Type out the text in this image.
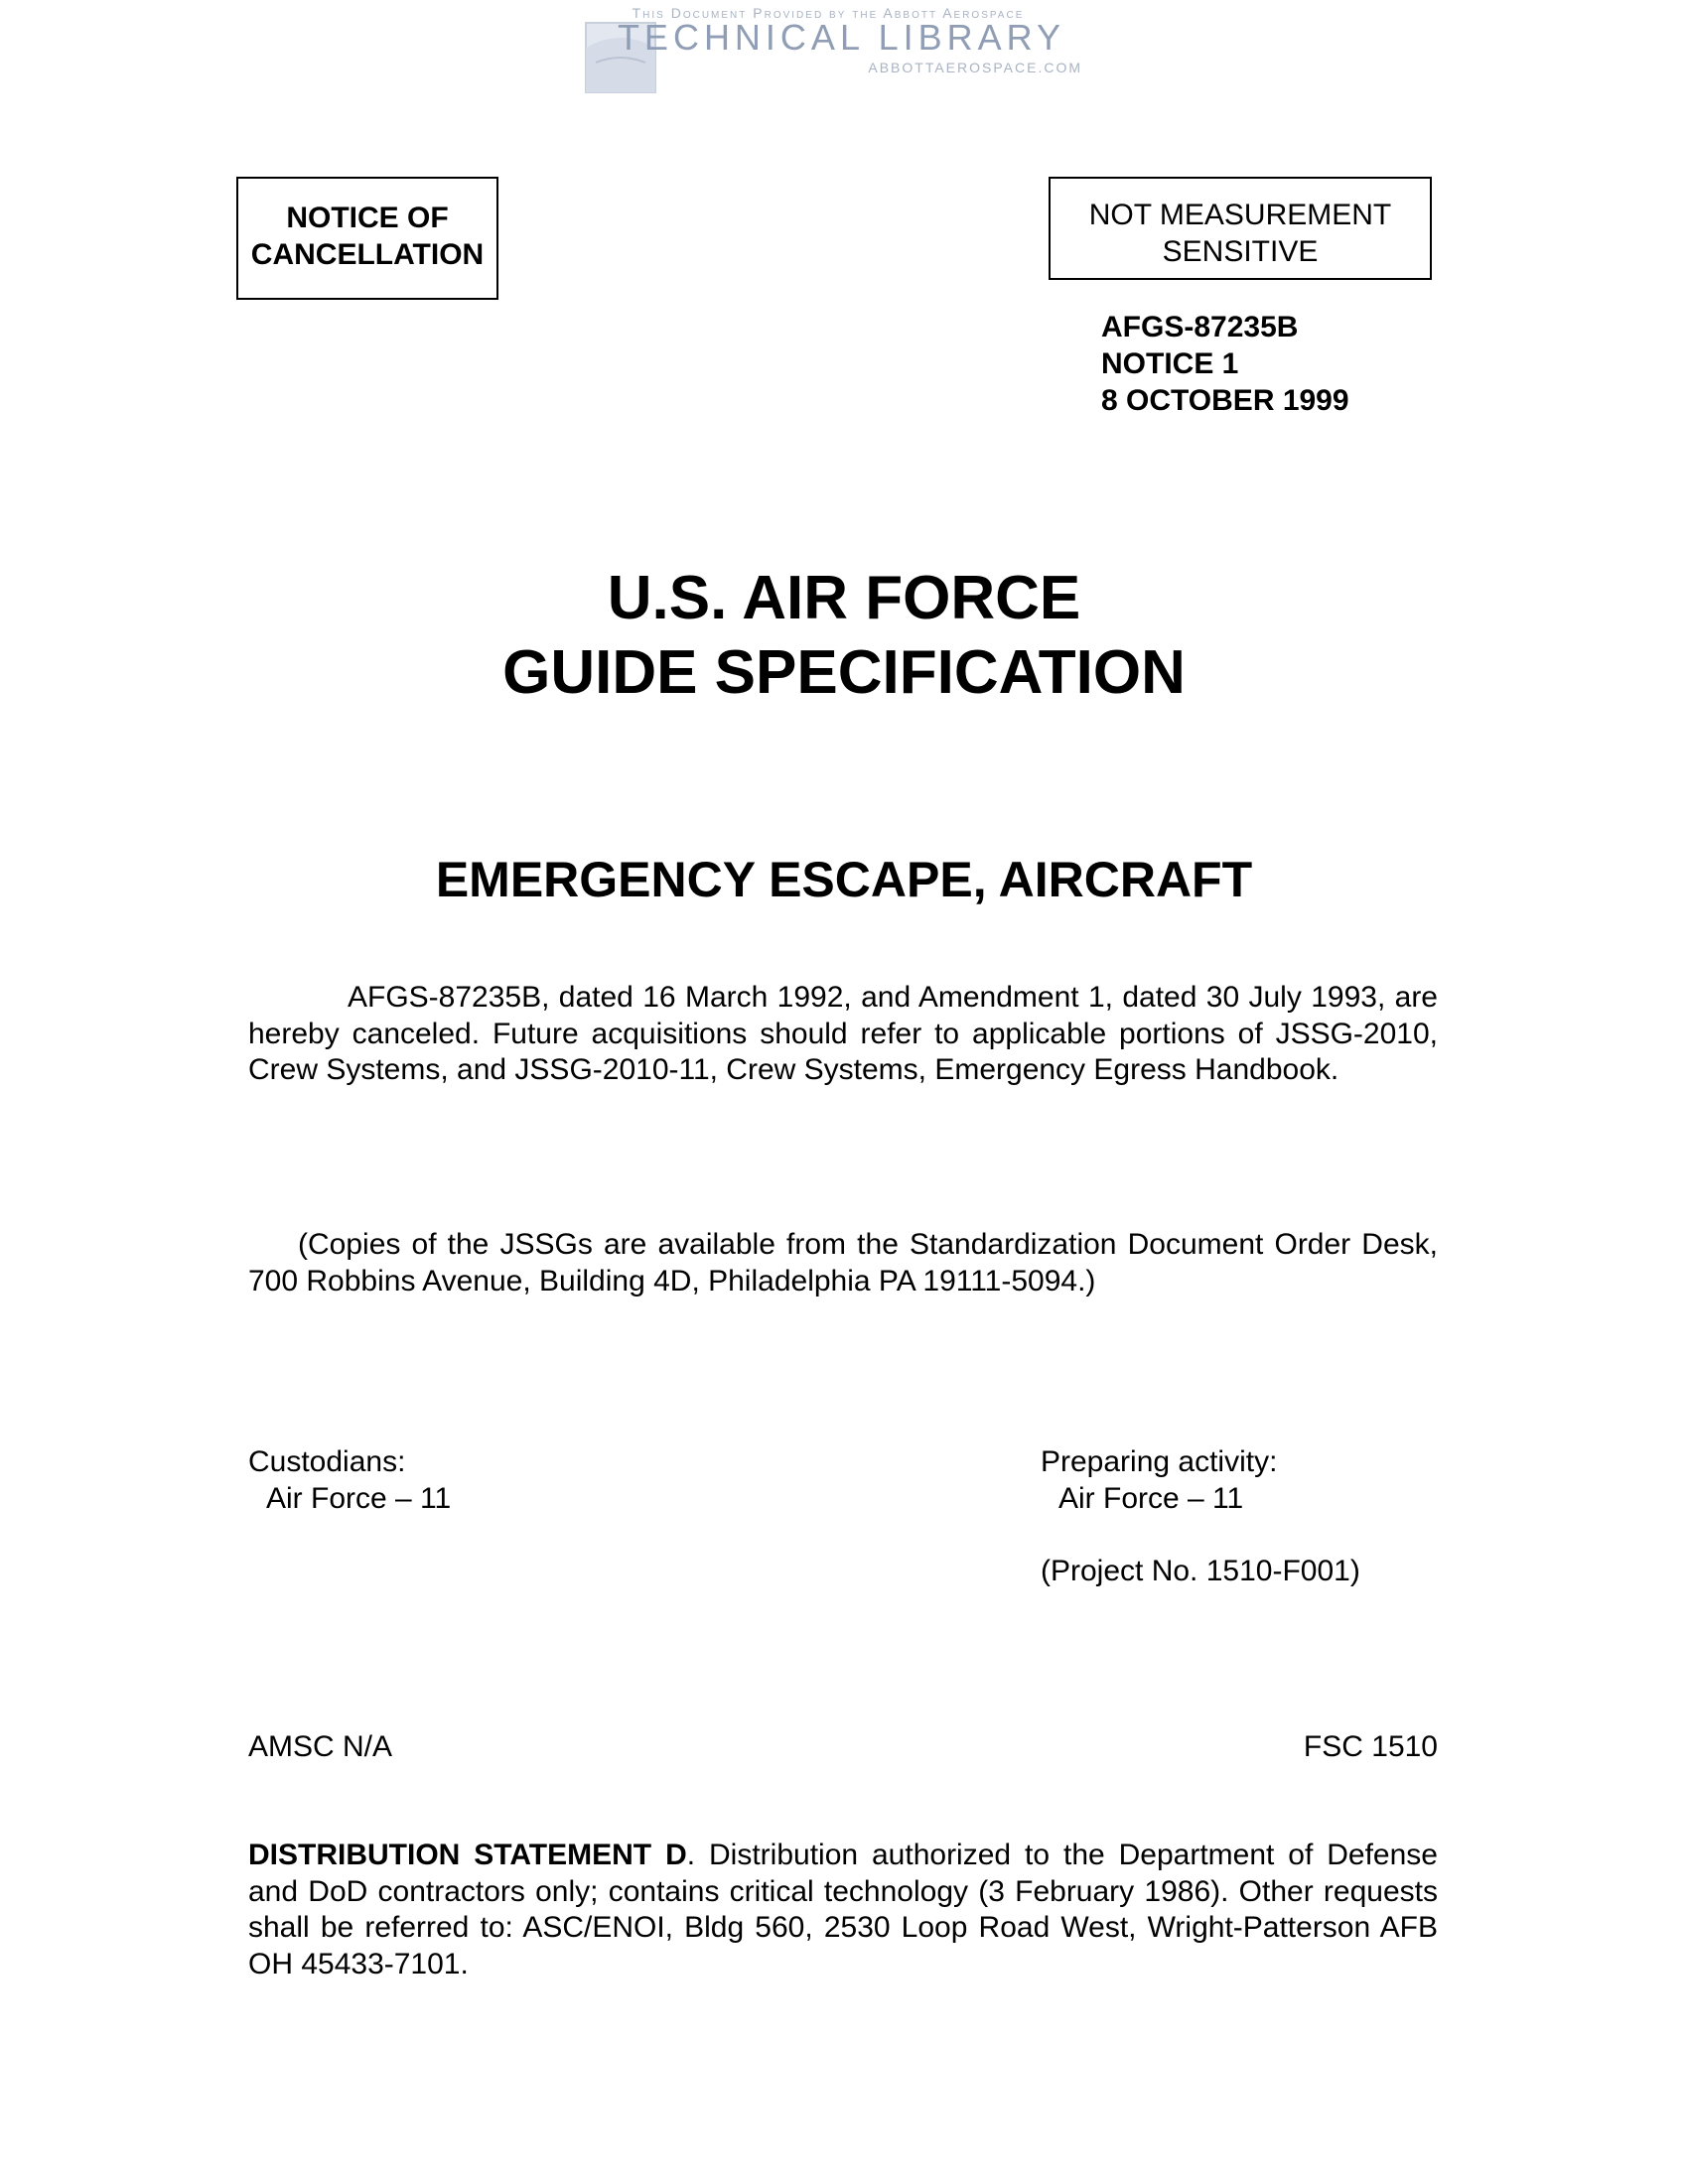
This Document Provided by the Abbott Aerospace
TECHNICAL LIBRARY
ABBOTTAEROSPACE.COM
NOTICE OF
CANCELLATION
NOT MEASUREMENT
SENSITIVE
AFGS-87235B
NOTICE 1
8 OCTOBER 1999
U.S. AIR FORCE
GUIDE SPECIFICATION
EMERGENCY ESCAPE, AIRCRAFT
AFGS-87235B, dated 16 March 1992, and Amendment 1, dated 30 July 1993, are hereby canceled. Future acquisitions should refer to applicable portions of JSSG-2010, Crew Systems, and JSSG-2010-11, Crew Systems, Emergency Egress Handbook.
(Copies of the JSSGs are available from the Standardization Document Order Desk, 700 Robbins Avenue, Building 4D, Philadelphia PA 19111-5094.)
Custodians:
Air Force – 11
Preparing activity:
Air Force – 11
(Project No. 1510-F001)
AMSC N/A	FSC 1510
DISTRIBUTION STATEMENT D. Distribution authorized to the Department of Defense and DoD contractors only; contains critical technology (3 February 1986). Other requests shall be referred to: ASC/ENOI, Bldg 560, 2530 Loop Road West, Wright-Patterson AFB OH 45433-7101.
